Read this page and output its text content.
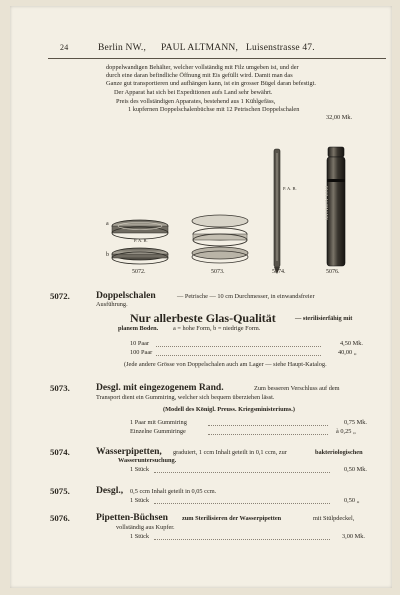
24	Berlin NW., PAUL ALTMANN, Luisenstrasse 47.
doppelwandigen Behälter, welcher vollständig mit Filz umgeben ist, und der
durch eine daran befindliche Öffnung mit Eis gefüllt wird. Damit man das
Ganze gut transportieren und aufhängen kann, ist ein grosser Bügel daran befestigt.
Der Apparat hat sich bei Expeditionen aufs Land sehr bewährt.
Preis des vollständigen Apparates, bestehend aus 1 Kühlgefäss,
1 kupfernen Doppelschalenbüchse mit 12 Petrischen Doppelschalen
32,00 Mk.
a
b
P. A. B.
P. A. B.	PAUL ALTMANN
5072.	5073.	5074.	5076.
5072.	Doppelschalen	— Petrische — 10 cm Durchmesser, in einwandsfreier
Ausführung.
Nur allerbeste Glas-Qualität	— sterilisierfähig mit
planem Boden. a = hohe Form, b = niedrige Form.
10 Paar	4,50 Mk.
100 Paar	40,00 „
(Jede andere Grösse von Doppelschalen auch am Lager — siehe Haupt-Katalog.
5073.	Desgl. mit eingezogenem Rand.	Zum besseren Verschluss auf dem
Transport dient ein Gummiring, welcher sich bequem überziehen lässt.
(Modell des Königl. Preuss. Kriegsministeriums.)
1 Paar mit Gummiring	0,75 Mk.
Einzelne Gummiringe	à 0,25 „
5074.	Wasserpipetten, graduiert, 1 ccm Inhalt geteilt in 0,1 ccm, zur	bakteriologischen
Wasseruntersuchung.
1 Stück	0,50 Mk.
5075.	Desgl., 0,5 ccm Inhalt geteilt in 0,05 ccm.
1 Stück	0,50 „
5076.	Pipetten-Büchsen zum Sterilisieren der Wasserpipetten	mit Stülpdeckel,
vollständig aus Kupfer.
1 Stück	3,00 Mk.
